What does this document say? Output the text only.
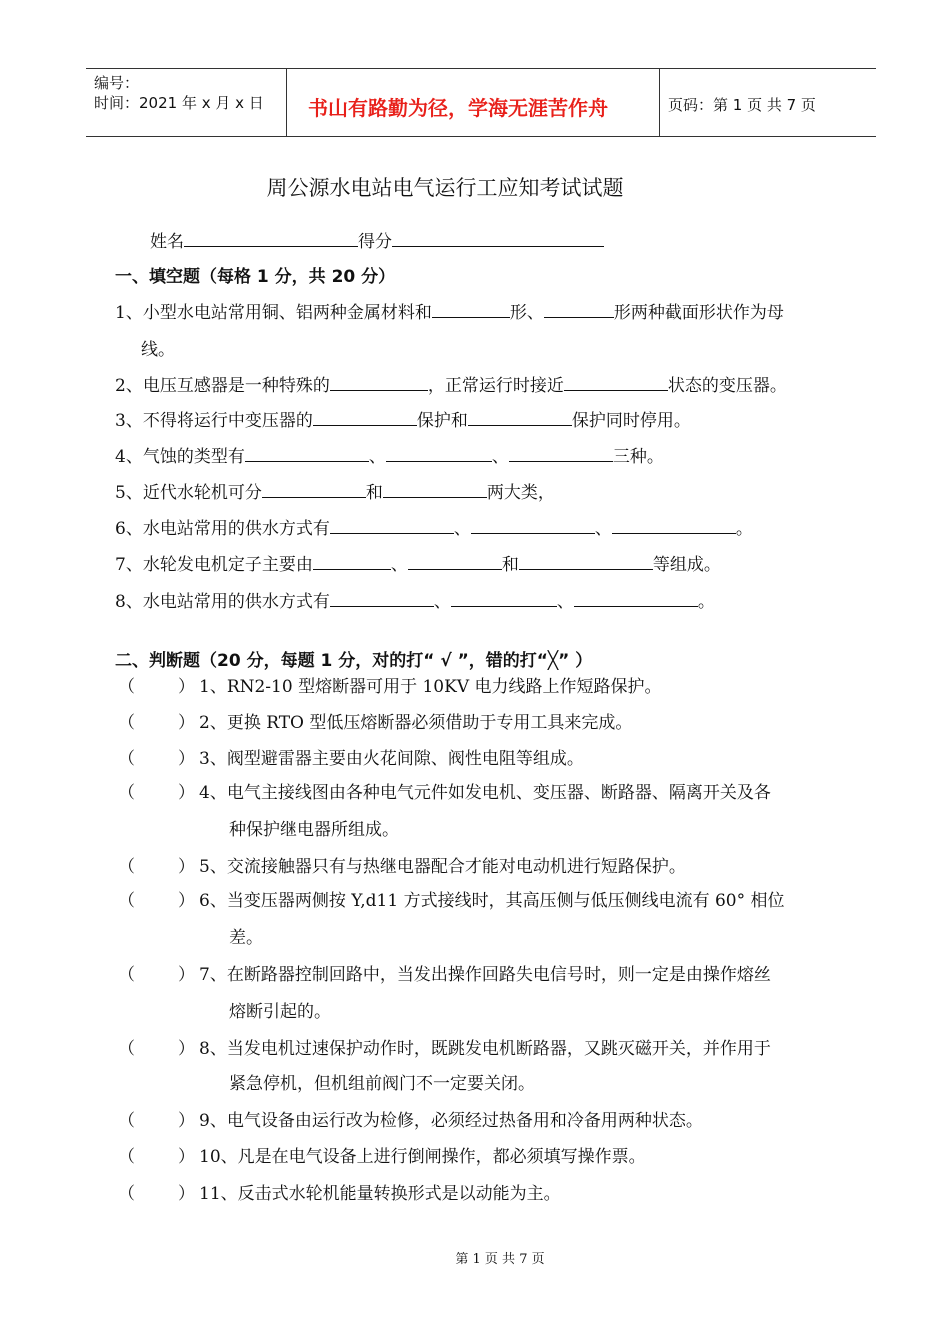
编号：
时间：2021 年 x 月 x 日 书山有路勤为径，学海无涯苦作舟	页码：第 1 页 共 7 页
周公源水电站电气运行工应知考试试题
姓名	得分
一、填空题（每格 1 分，共 20 分）
1、小型水电站常用铜、铝两种金属材料和	形、	形两种截面形状作为母
线。
2、电压互感器是一种特殊的	，正常运行时接近	状态的变压器。
3、不得将运行中变压器的	保护和	保护同时停用。
4、气蚀的类型有	、	、	三种。
5、近代水轮机可分	和	两大类，
6、水电站常用的供水方式有	、	、	。
7、水轮发电机定子主要由	、	和	等组成。
8、水电站常用的供水方式有	、	、	。
二、判断题（20 分，每题 1 分，对的打“ √ ”，错的打“╳” ）
（	） 1、RN2-10 型熔断器可用于 10KV 电力线路上作短路保护。
（	） 2、更换 RTO 型低压熔断器必须借助于专用工具来完成。
（	） 3、阀型避雷器主要由火花间隙、阀性电阻等组成。
（	） 4、电气主接线图由各种电气元件如发电机、变压器、断路器、隔离开关及各
种保护继电器所组成。
（	） 5、交流接触器只有与热继电器配合才能对电动机进行短路保护。
（	） 6、当变压器两侧按 Y,d11 方式接线时，其高压侧与低压侧线电流有 60° 相位
差。
（	） 7、在断路器控制回路中，当发出操作回路失电信号时，则一定是由操作熔丝
熔断引起的。
（	） 8、当发电机过速保护动作时，既跳发电机断路器，又跳灭磁开关，并作用于
紧急停机，但机组前阀门不一定要关闭。
（	） 9、电气设备由运行改为检修，必须经过热备用和冷备用两种状态。
（	） 10、凡是在电气设备上进行倒闸操作，都必须填写操作票。
（	） 11、反击式水轮机能量转换形式是以动能为主。
第 1 页 共 7 页
